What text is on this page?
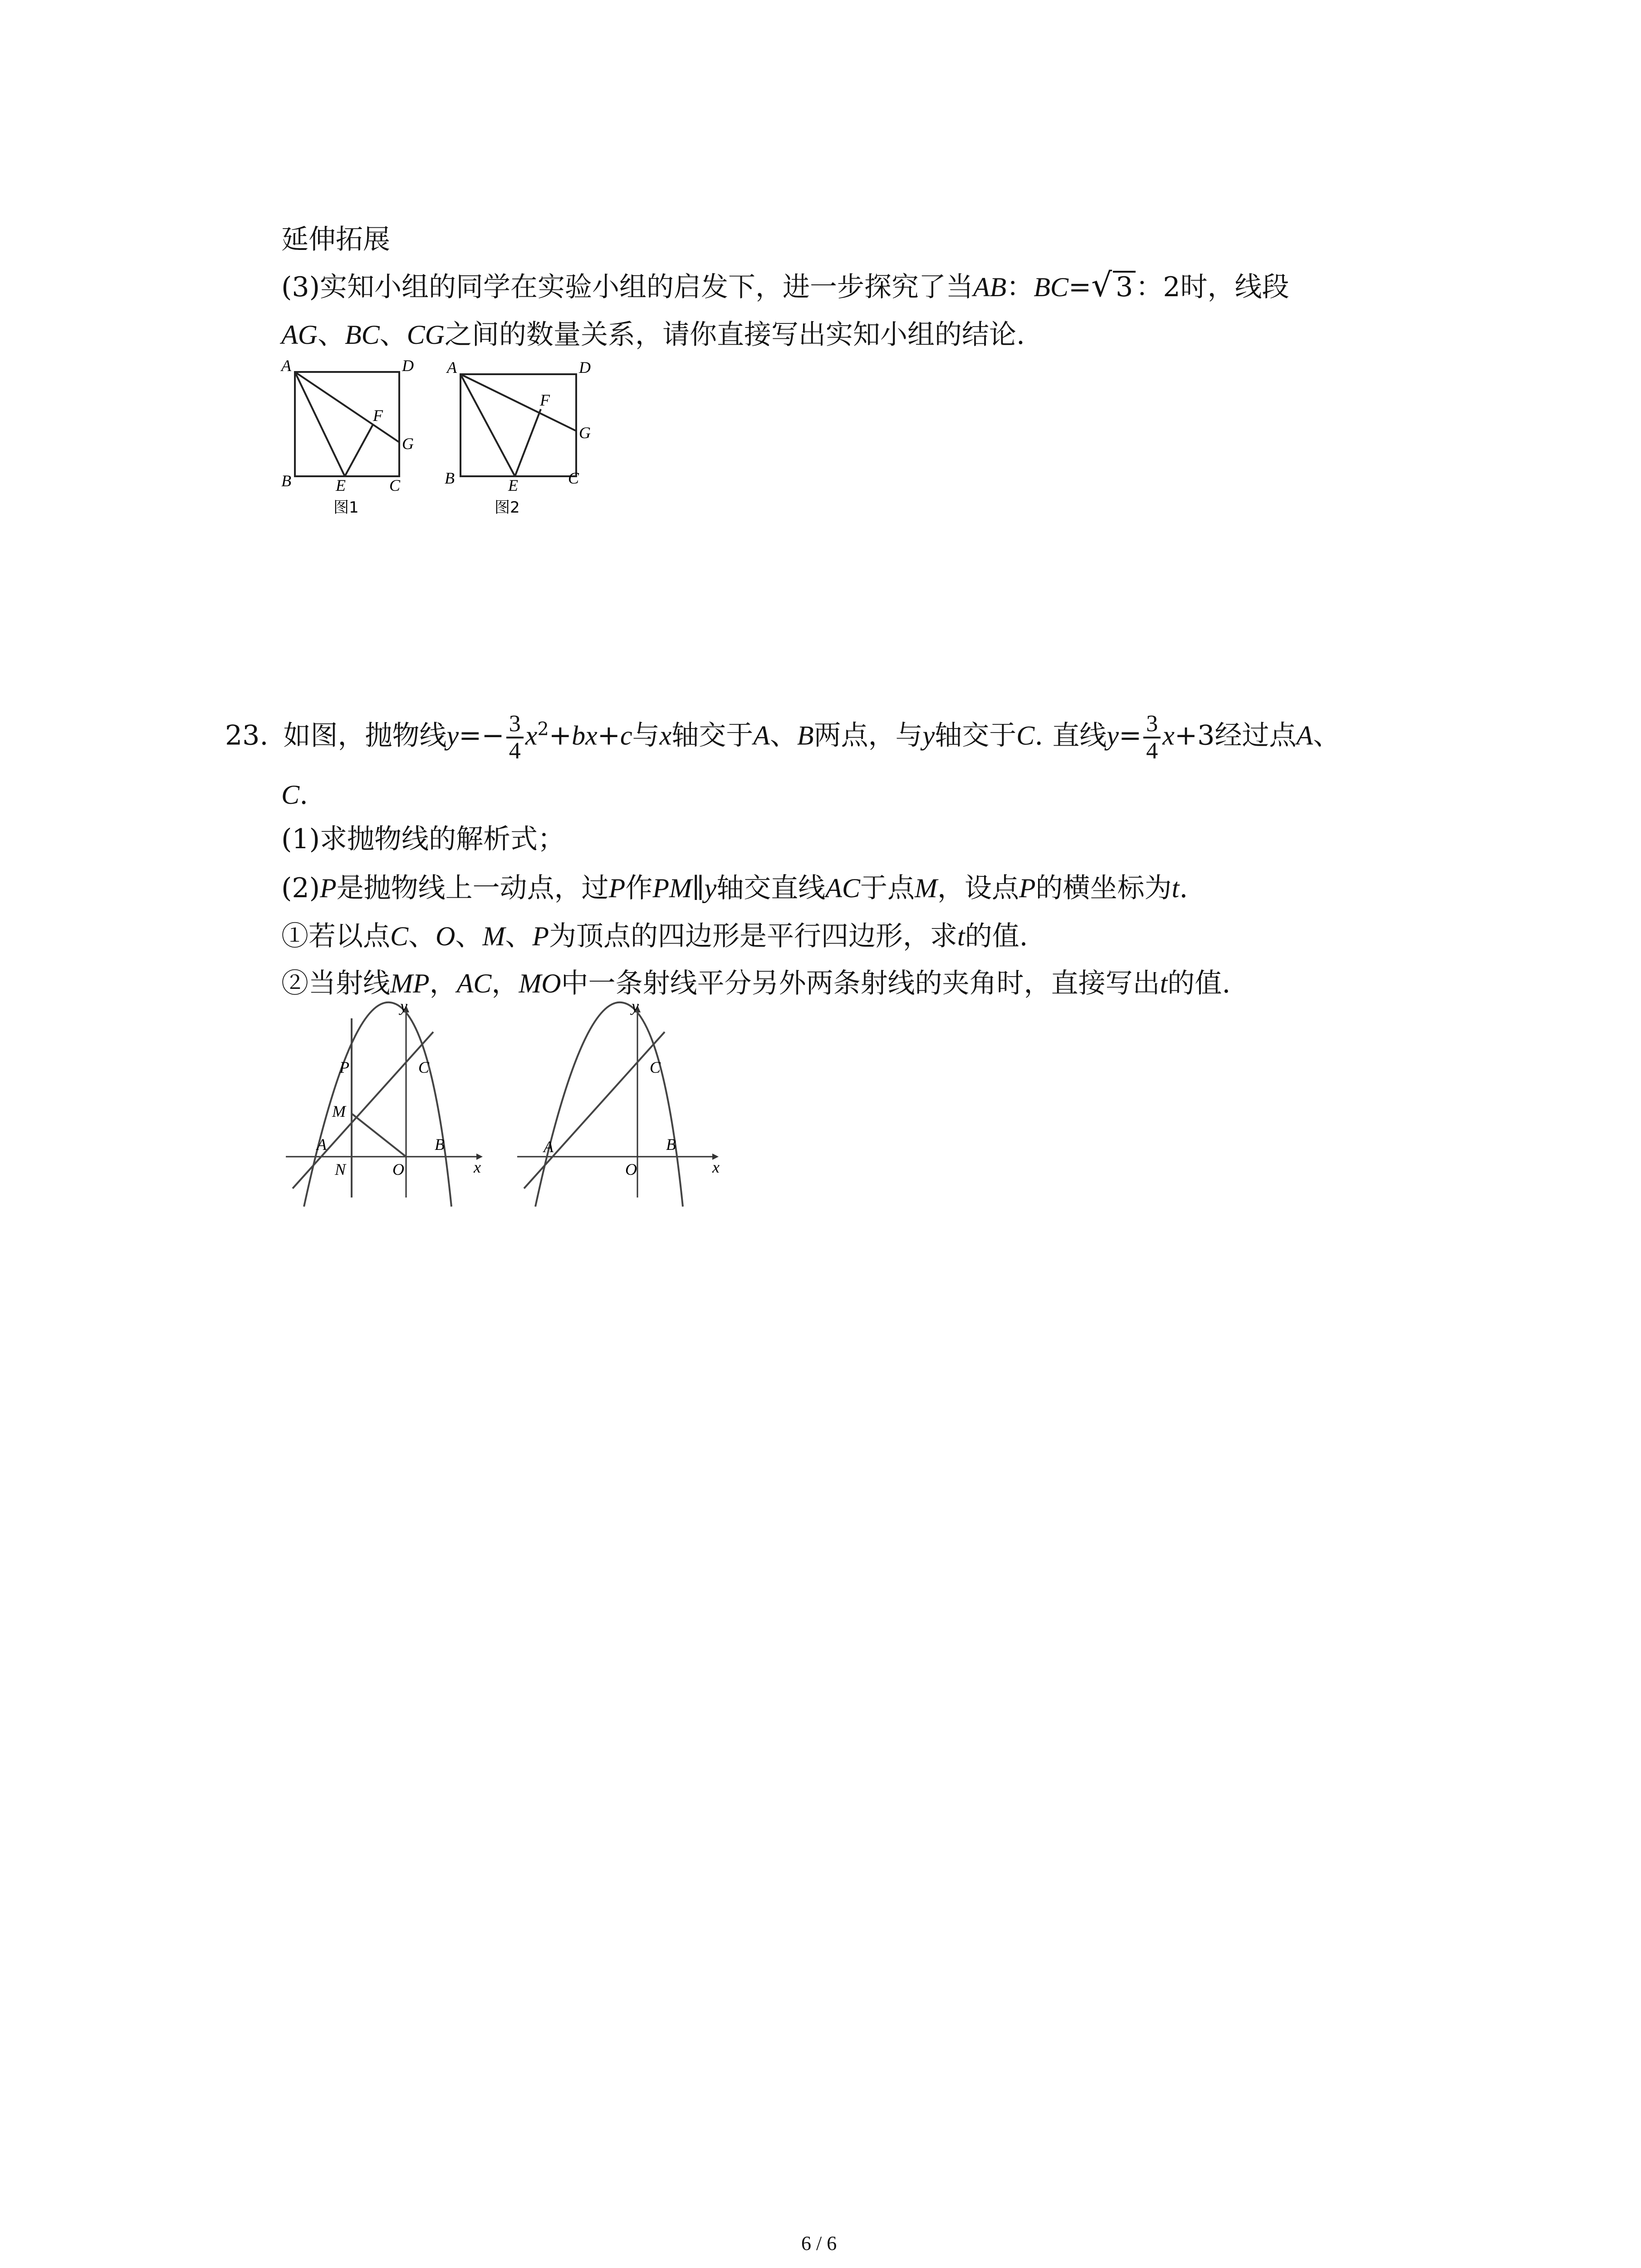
延伸拓展
(3)实知小组的同学在实验小组的启发下，进一步探究了当AB：BC=√ 3 ：2时，线段
AG、BC、CG之间的数量关系，请你直接写出实知小组的结论.
A	D
B	E	C
F
G
图1
A	D
B	E	C
F
G
图2
23. 如图，抛物线$y=- \frac{3}{4} x^2+bx+c$与x轴交于A、B两点，与y轴交于C. 直线$y= \frac{3}{4} x+3$经过点A、
C.
(1)求抛物线的解析式；
(2)P是抛物线上一动点，过P作PM∥y轴交直线AC于点M，设点P的横坐标为t.
①若以点C、O、M、P为顶点的四边形是平行四边形，求t的值.
②当射线MP，AC，MO中一条射线平分另外两条射线的夹角时，直接写出t的值.
y
x
P	C
M
A
N	O
B
y
x
C
A
O
B
6 / 6
